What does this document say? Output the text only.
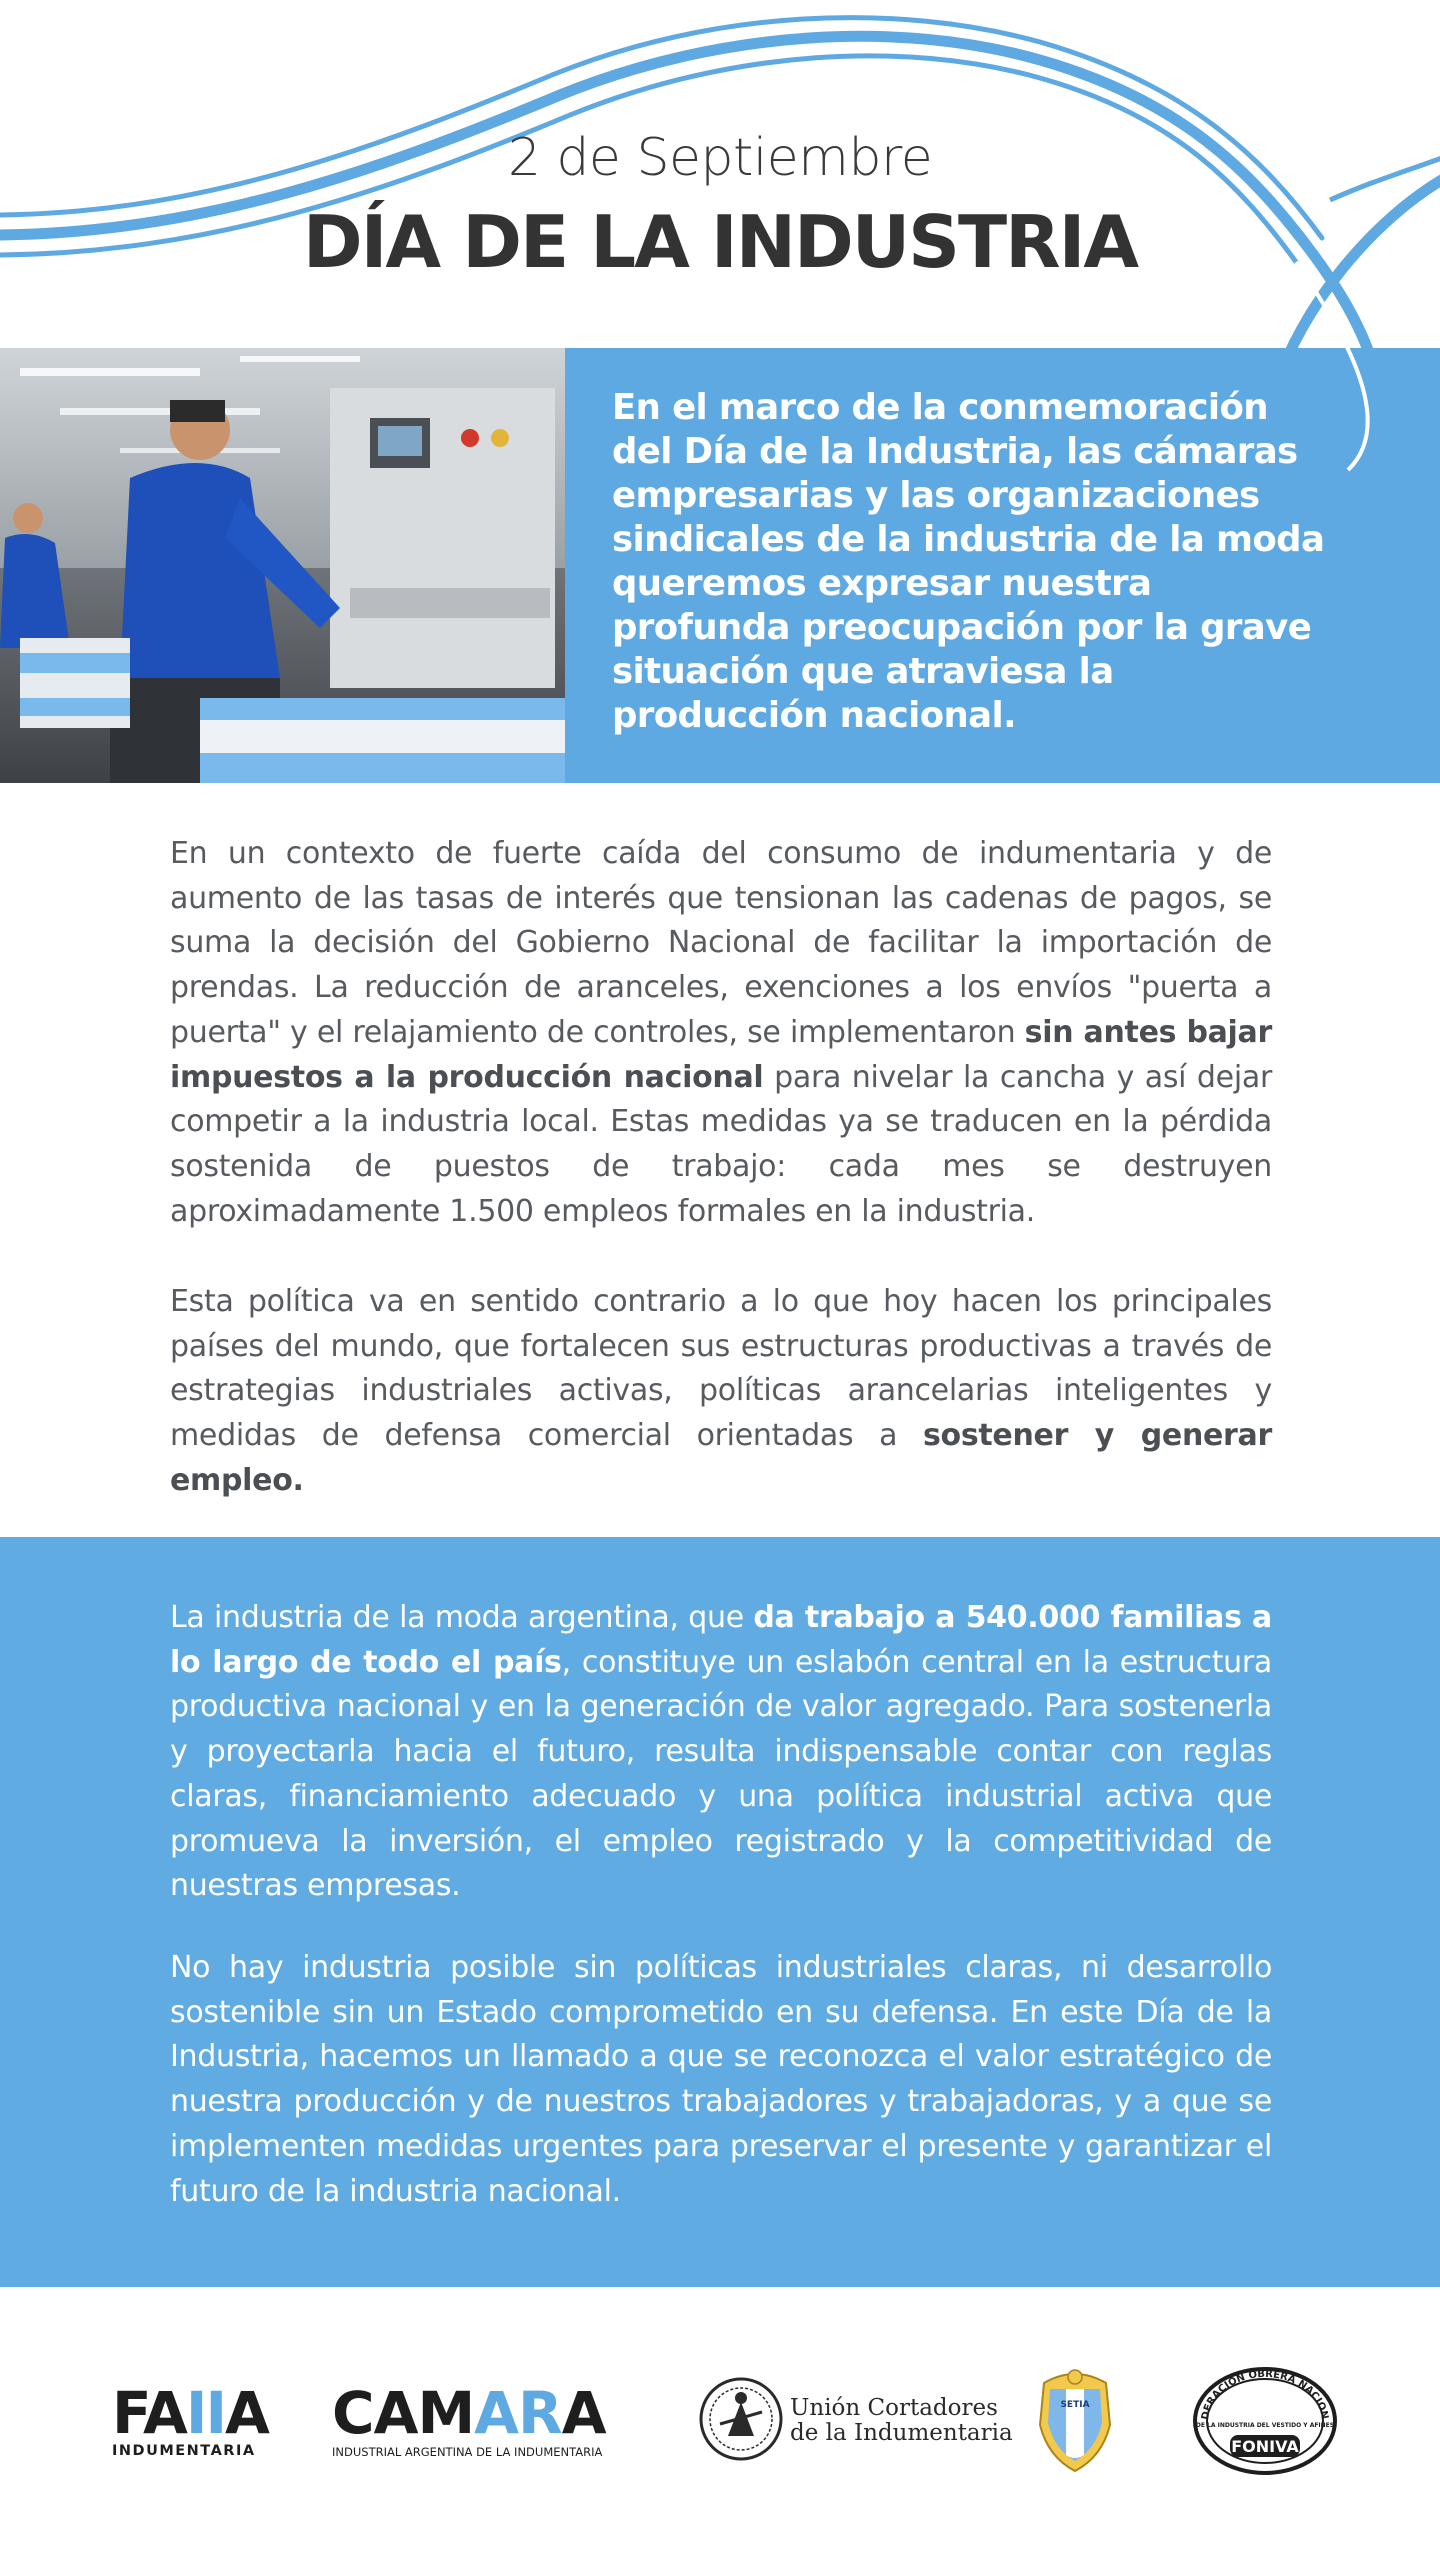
2 de Septiembre
DÍA DE LA INDUSTRIA
En el marco de la conmemoración del Día de la Industria, las cámaras empresarias y las organizaciones sindicales de la industria de la moda queremos expresar nuestra profunda preocupación por la grave situación que atraviesa la producción nacional.
En un contexto de fuerte caída del consumo de indumentaria y de aumento de las tasas de interés que tensionan las cadenas de pagos, se suma la decisión del Gobierno Nacional de facilitar la importación de prendas. La reducción de aranceles, exenciones a los envíos "puerta a puerta" y el relajamiento de controles, se implementaron sin antes bajar impuestos a la producción nacional para nivelar la cancha y así dejar competir a la industria local. Estas medidas ya se traducen en la pérdida sostenida de puestos de trabajo: cada mes se destruyen aproximadamente 1.500 empleos formales en la industria.
Esta política va en sentido contrario a lo que hoy hacen los principales países del mundo, que fortalecen sus estructuras productivas a través de estrategias industriales activas, políticas arancelarias inteligentes y medidas de defensa comercial orientadas a sostener y generar empleo.
La industria de la moda argentina, que da trabajo a 540.000 familias a lo largo de todo el país, constituye un eslabón central en la estructura productiva nacional y en la generación de valor agregado. Para sostenerla y proyectarla hacia el futuro, resulta indispensable contar con reglas claras, financiamiento adecuado y una política industrial activa que promueva la inversión, el empleo registrado y la competitividad de nuestras empresas.
No hay industria posible sin políticas industriales claras, ni desarrollo sostenible sin un Estado comprometido en su defensa. En este Día de la Industria, hacemos un llamado a que se reconozca el valor estratégico de nuestra producción y de nuestros trabajadores y trabajadoras, y a que se implementen medidas urgentes para preservar el presente y garantizar el futuro de la industria nacional.
FAIIA
INDUMENTARIA
CAMARA
INDUSTRIAL ARGENTINA DE LA INDUMENTARIA
Unión Cortadores
de la Indumentaria
SETIA
DERACION OBRERA NACION
DE LA INDUSTRIA DEL VESTIDO Y AFINES
FONIVA
